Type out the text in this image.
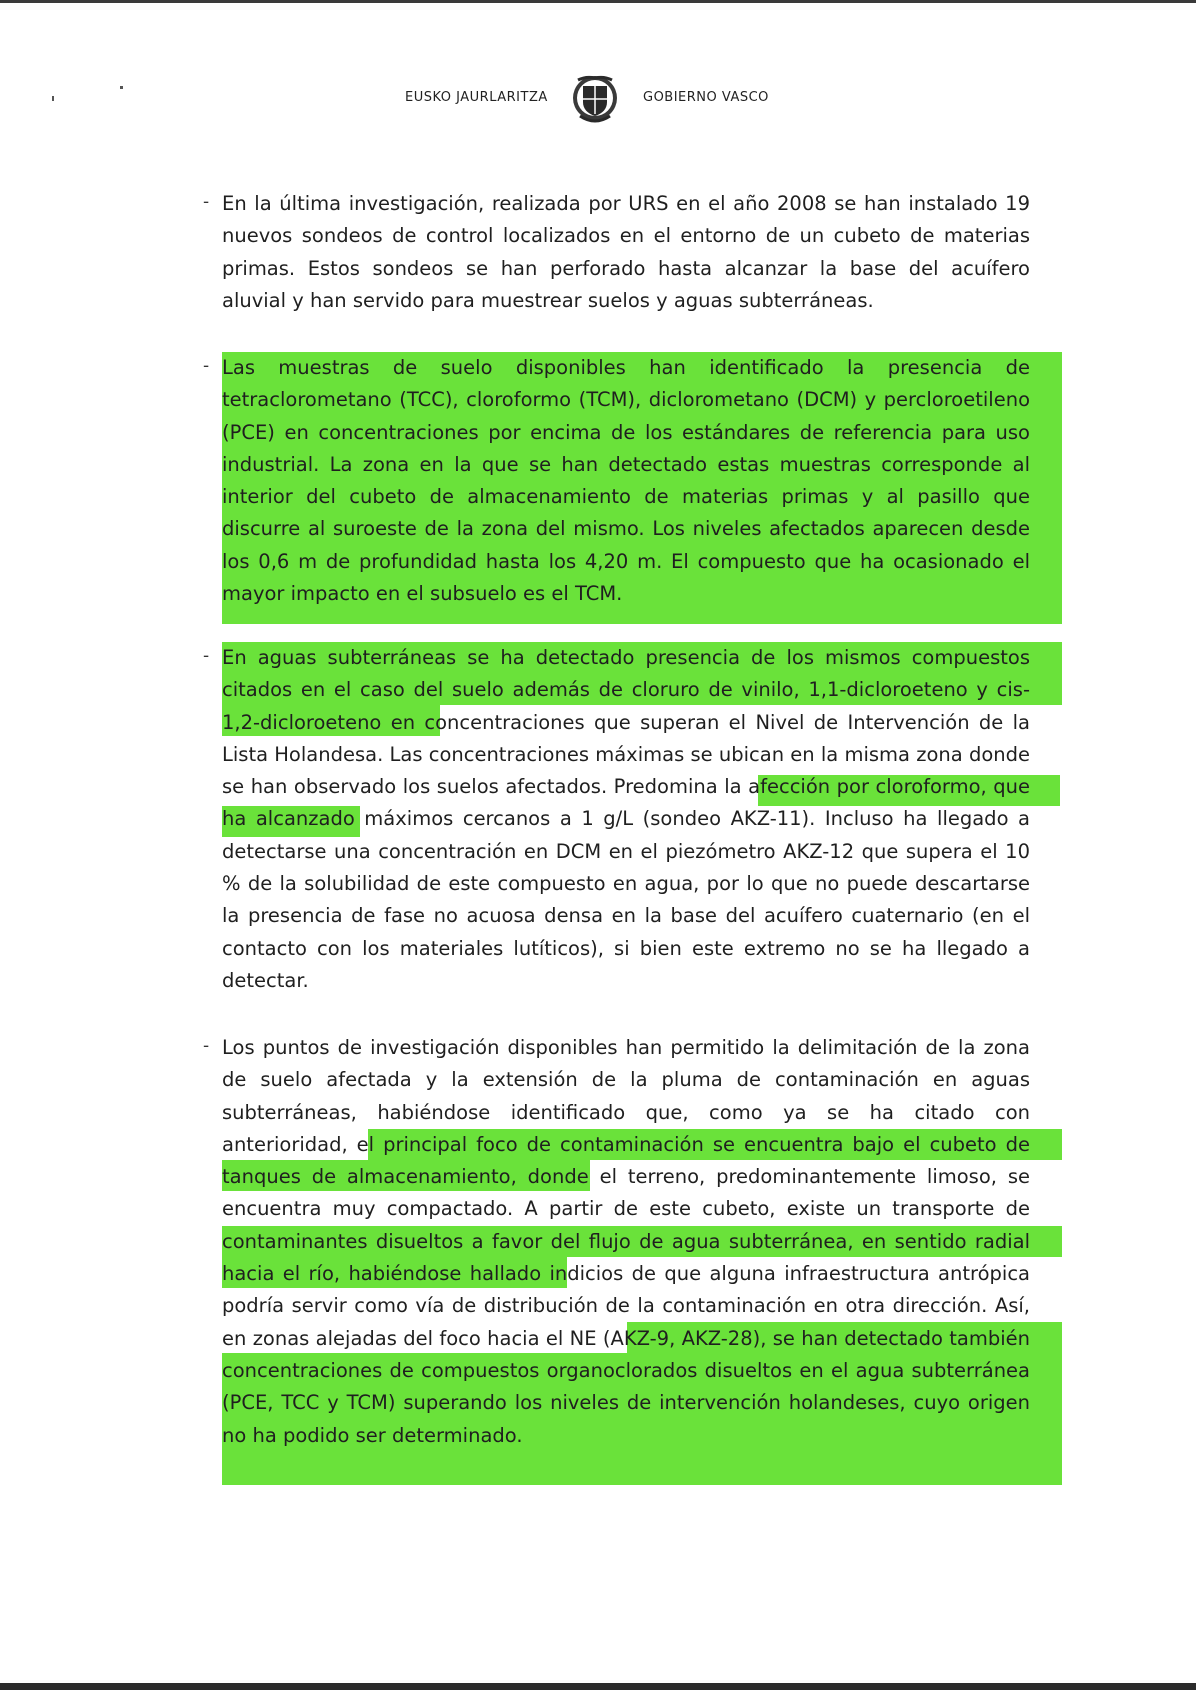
EUSKO JAURLARITZA	GOBIERNO VASCO
- En la última investigación, realizada por URS en el año 2008 se han instalado 19 nuevos sondeos de control localizados en el entorno de un cubeto de materias primas. Estos sondeos se han perforado hasta alcanzar la base del acuífero aluvial y han servido para muestrear suelos y aguas subterráneas.

- Las muestras de suelo disponibles han identificado la presencia de tetraclorometano (TCC), cloroformo (TCM), diclorometano (DCM) y percloroetileno (PCE) en concentraciones por encima de los estándares de referencia para uso industrial. La zona en la que se han detectado estas muestras corresponde al interior del cubeto de almacenamiento de materias primas y al pasillo que discurre al suroeste de la zona del mismo. Los niveles afectados aparecen desde los 0,6 m de profundidad hasta los 4,20 m. El compuesto que ha ocasionado el mayor impacto en el subsuelo es el TCM.

- En aguas subterráneas se ha detectado presencia de los mismos compuestos citados en el caso del suelo además de cloruro de vinilo, 1,1-dicloroeteno y cis-1,2-dicloroeteno en concentraciones que superan el Nivel de Intervención de la Lista Holandesa. Las concentraciones máximas se ubican en la misma zona donde se han observado los suelos afectados. Predomina la afección por cloroformo, que ha alcanzado máximos cercanos a 1 g/L (sondeo AKZ-11). Incluso ha llegado a detectarse una concentración en DCM en el piezómetro AKZ-12 que supera el 10 % de la solubilidad de este compuesto en agua, por lo que no puede descartarse la presencia de fase no acuosa densa en la base del acuífero cuaternario (en el contacto con los materiales lutíticos), si bien este extremo no se ha llegado a detectar.

- Los puntos de investigación disponibles han permitido la delimitación de la zona de suelo afectada y la extensión de la pluma de contaminación en aguas subterráneas, habiéndose identificado que, como ya se ha citado con anterioridad, el principal foco de contaminación se encuentra bajo el cubeto de tanques de almacenamiento, donde el terreno, predominantemente limoso, se encuentra muy compactado. A partir de este cubeto, existe un transporte de contaminantes disueltos a favor del flujo de agua subterránea, en sentido radial hacia el río, habiéndose hallado indicios de que alguna infraestructura antrópica podría servir como vía de distribución de la contaminación en otra dirección. Así, en zonas alejadas del foco hacia el NE (AKZ-9, AKZ-28), se han detectado también concentraciones de compuestos organoclorados disueltos en el agua subterránea (PCE, TCC y TCM) superando los niveles de intervención holandeses, cuyo origen no ha podido ser determinado.
